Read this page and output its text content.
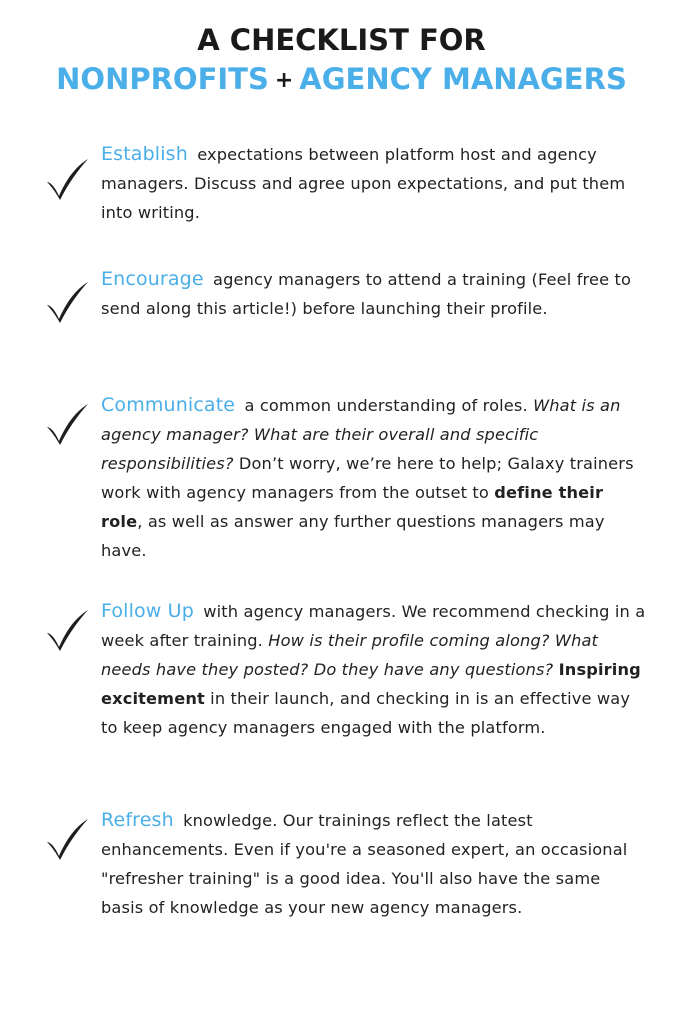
A CHECKLIST FOR
NONPROFITS + AGENCY MANAGERS
Establish expectations between platform host and agency managers. Discuss and agree upon expectations, and put them into writing.
Encourage agency managers to attend a training (Feel free to send along this article!) before launching their profile.
Communicate a common understanding of roles. What is an agency manager? What are their overall and specific responsibilities? Don’t worry, we’re here to help; Galaxy trainers work with agency managers from the outset to define their role, as well as answer any further questions managers may have.
Follow Up with agency managers. We recommend checking in a week after training. How is their profile coming along? What needs have they posted? Do they have any questions? Inspiring excitement in their launch, and checking in is an effective way to keep agency managers engaged with the platform.
Refresh knowledge. Our trainings reflect the latest enhancements. Even if you're a seasoned expert, an occasional "refresher training" is a good idea. You'll also have the same basis of knowledge as your new agency managers.
